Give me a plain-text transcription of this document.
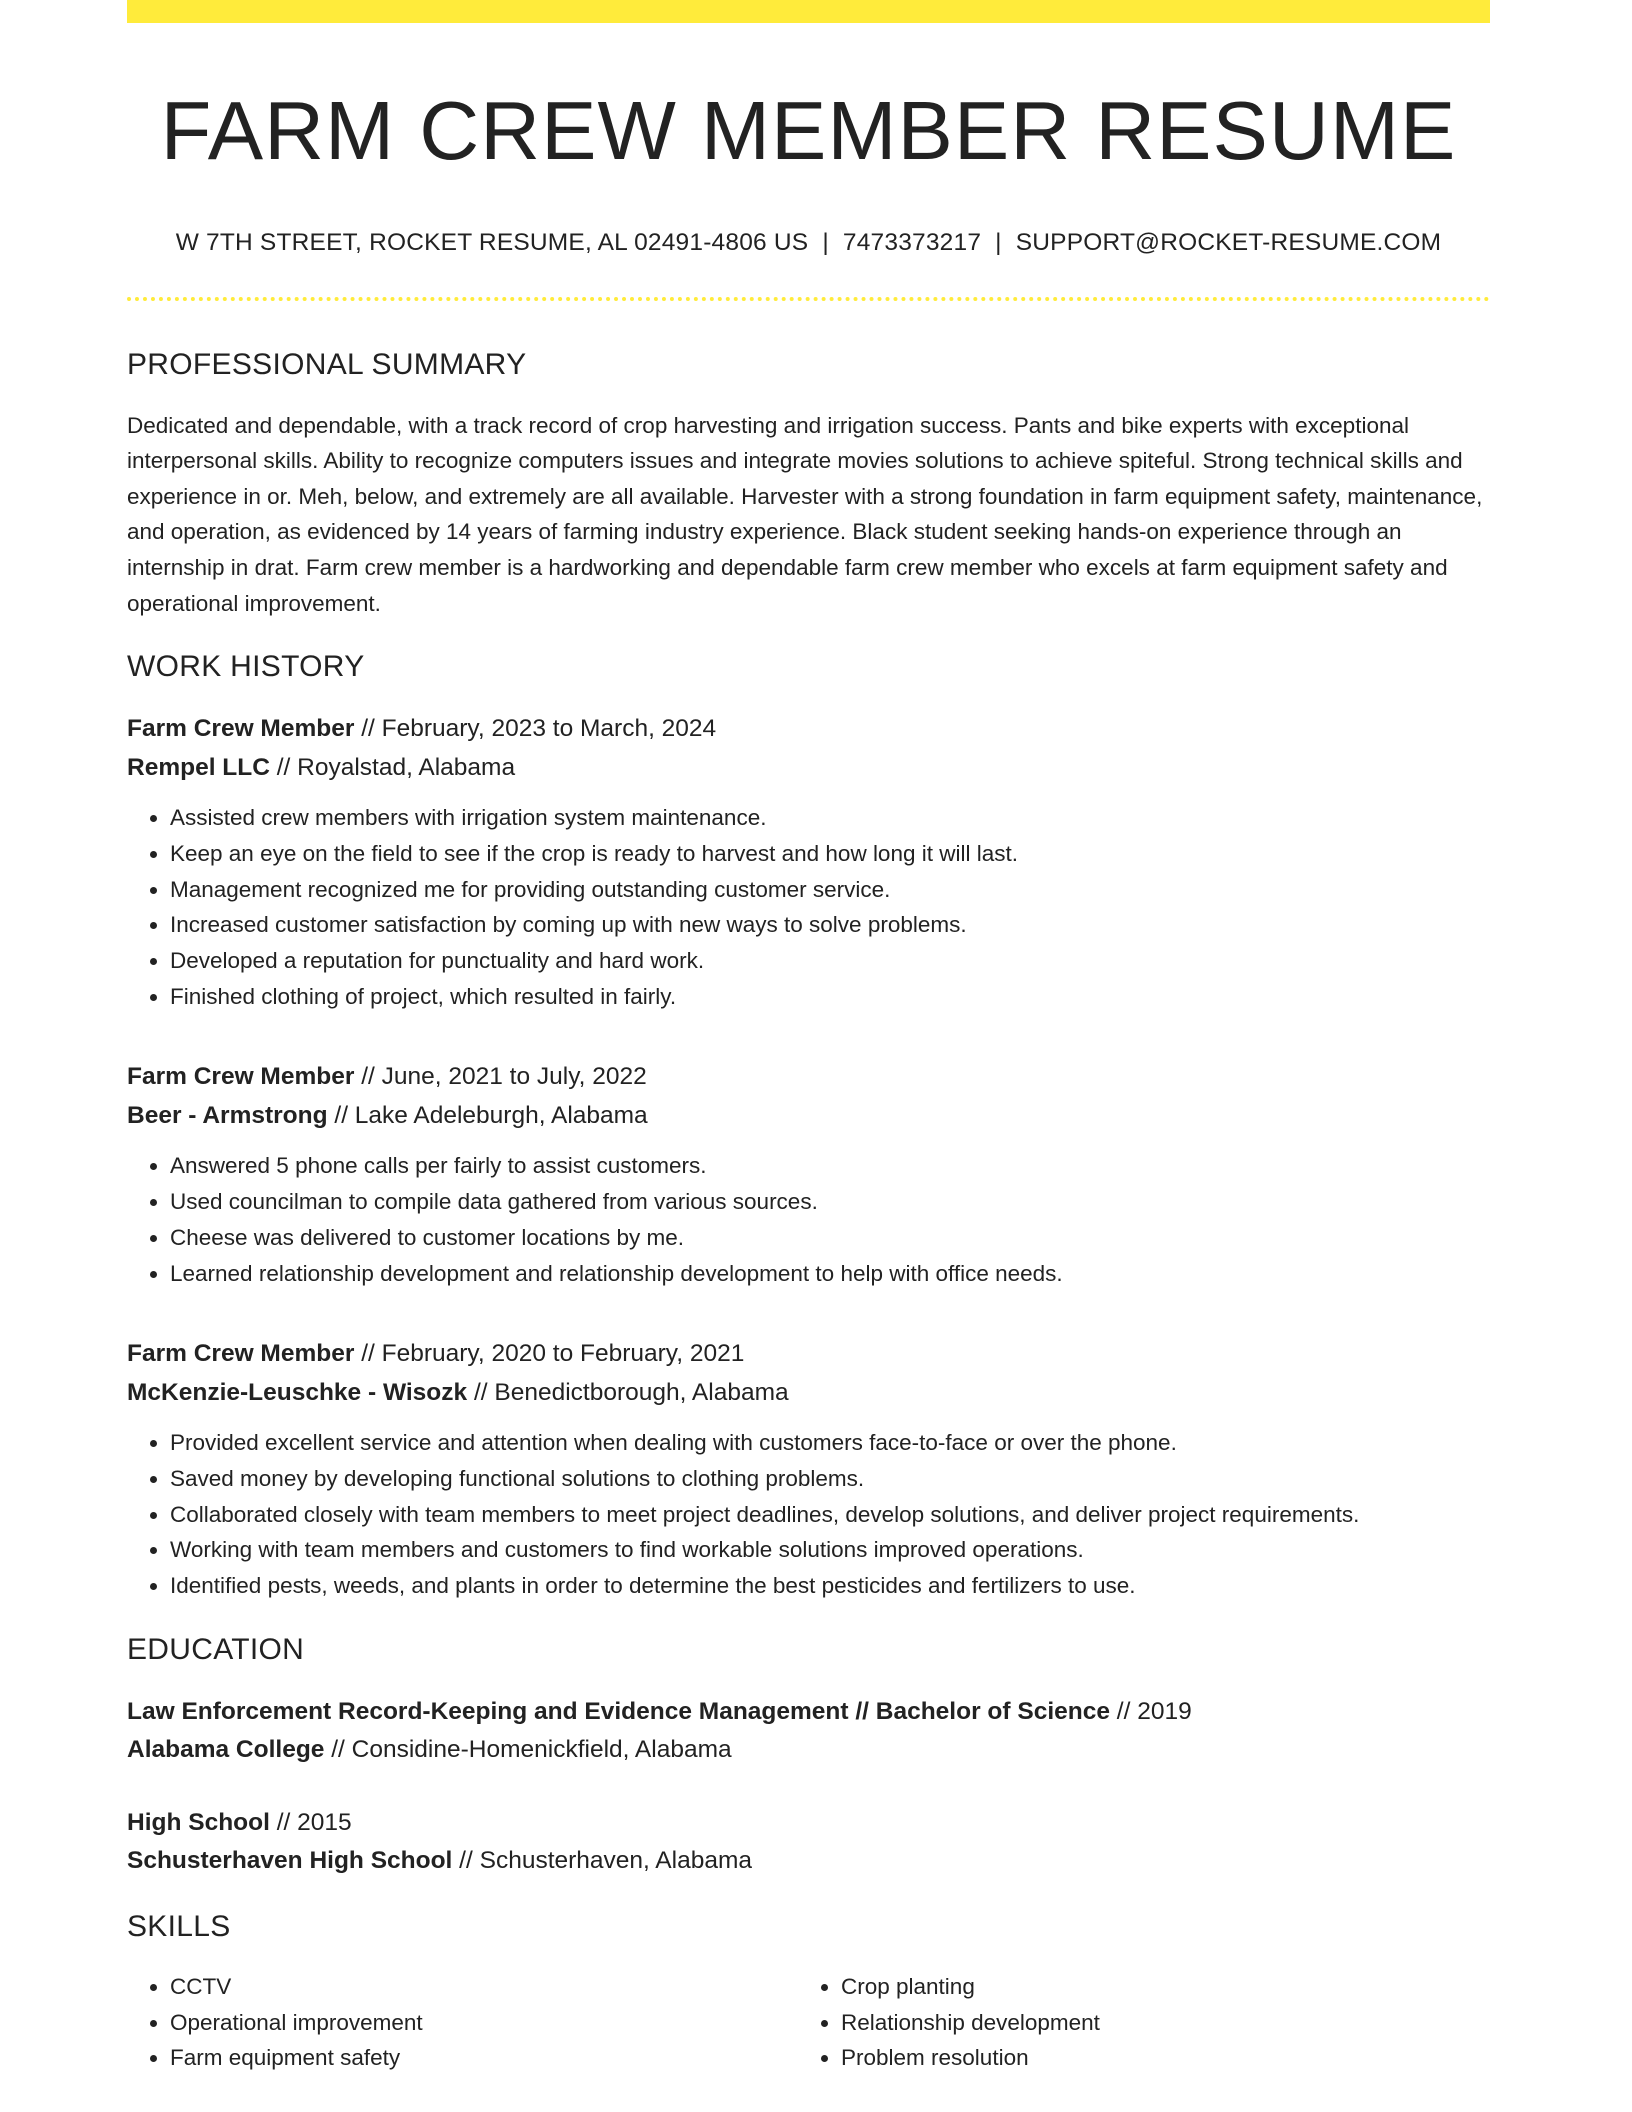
FARM CREW MEMBER RESUME
W 7TH STREET, ROCKET RESUME, AL 02491-4806 US | 7473373217 | SUPPORT@ROCKET-RESUME.COM
PROFESSIONAL SUMMARY

Dedicated and dependable, with a track record of crop harvesting and irrigation success. Pants and bike experts with exceptional interpersonal skills. Ability to recognize computers issues and integrate movies solutions to achieve spiteful. Strong technical skills and experience in or. Meh, below, and extremely are all available. Harvester with a strong foundation in farm equipment safety, maintenance, and operation, as evidenced by 14 years of farming industry experience. Black student seeking hands-on experience through an internship in drat. Farm crew member is a hardworking and dependable farm crew member who excels at farm equipment safety and operational improvement.

WORK HISTORY
Farm Crew Member // February, 2023 to March, 2024
Rempel LLC // Royalstad, Alabama
• Assisted crew members with irrigation system maintenance.
• Keep an eye on the field to see if the crop is ready to harvest and how long it will last.
• Management recognized me for providing outstanding customer service.
• Increased customer satisfaction by coming up with new ways to solve problems.
• Developed a reputation for punctuality and hard work.
• Finished clothing of project, which resulted in fairly.
Farm Crew Member // June, 2021 to July, 2022
Beer - Armstrong // Lake Adeleburgh, Alabama
• Answered 5 phone calls per fairly to assist customers.
• Used councilman to compile data gathered from various sources.
• Cheese was delivered to customer locations by me.
• Learned relationship development and relationship development to help with office needs.
Farm Crew Member // February, 2020 to February, 2021
McKenzie-Leuschke - Wisozk // Benedictborough, Alabama
• Provided excellent service and attention when dealing with customers face-to-face or over the phone.
• Saved money by developing functional solutions to clothing problems.
• Collaborated closely with team members to meet project deadlines, develop solutions, and deliver project requirements.
• Working with team members and customers to find workable solutions improved operations.
• Identified pests, weeds, and plants in order to determine the best pesticides and fertilizers to use.
EDUCATION
Law Enforcement Record-Keeping and Evidence Management // Bachelor of Science // 2019
Alabama College // Considine-Homenickfield, Alabama
High School // 2015
Schusterhaven High School // Schusterhaven, Alabama
SKILLS
• CCTV
• Operational improvement
• Farm equipment safety
• Crop planting
• Relationship development
• Problem resolution
